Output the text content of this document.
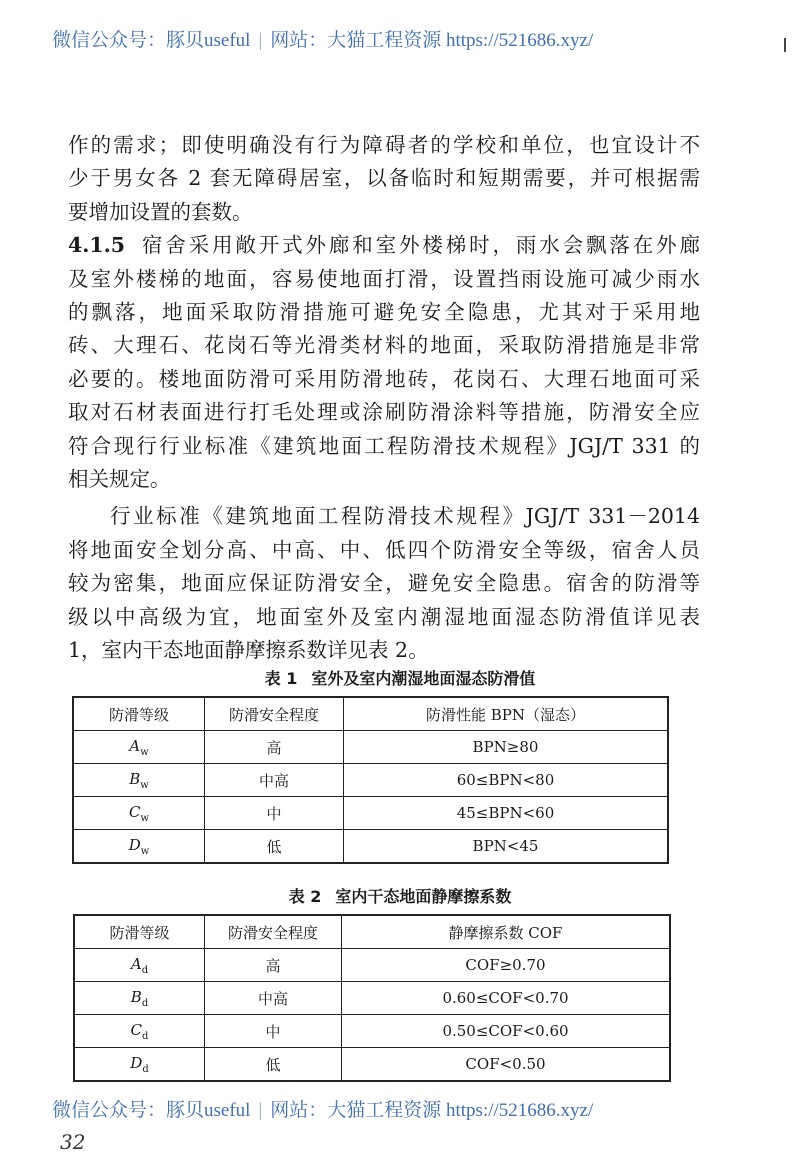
微信公众号：豚贝useful | 网站：大猫工程资源 https://521686.xyz/
作的需求；即使明确没有行为障碍者的学校和单位，也宜设计不
少于男女各 2 套无障碍居室，以备临时和短期需要，并可根据需
要增加设置的套数。
4.1.5 宿舍采用敞开式外廊和室外楼梯时，雨水会飘落在外廊
及室外楼梯的地面，容易使地面打滑，设置挡雨设施可减少雨水
的飘落，地面采取防滑措施可避免安全隐患，尤其对于采用地
砖、大理石、花岗石等光滑类材料的地面，采取防滑措施是非常
必要的。楼地面防滑可采用防滑地砖，花岗石、大理石地面可采
取对石材表面进行打毛处理或涂刷防滑涂料等措施，防滑安全应
符合现行行业标准《建筑地面工程防滑技术规程》JGJ/T 331 的
相关规定。
行业标准《建筑地面工程防滑技术规程》JGJ/T 331－2014
将地面安全划分高、中高、中、低四个防滑安全等级，宿舍人员
较为密集，地面应保证防滑安全，避免安全隐患。宿舍的防滑等
级以中高级为宜，地面室外及室内潮湿地面湿态防滑值详见表
1，室内干态地面静摩擦系数详见表 2。
表 1 室外及室内潮湿地面湿态防滑值
防滑等级	防滑安全程度	防滑性能 BPN（湿态）
$A_w$	高	BPN≥80
$B_w$	中高	60≤BPN<80
$C_w$	中	45≤BPN<60
$D_w$	低	BPN<45
表 2 室内干态地面静摩擦系数
防滑等级	防滑安全程度	静摩擦系数 COF
$A_d$	高	COF≥0.70
$B_d$	中高	0.60≤COF<0.70
$C_d$	中	0.50≤COF<0.60
$D_d$	低	COF<0.50
微信公众号：豚贝useful | 网站：大猫工程资源 https://521686.xyz/
32
